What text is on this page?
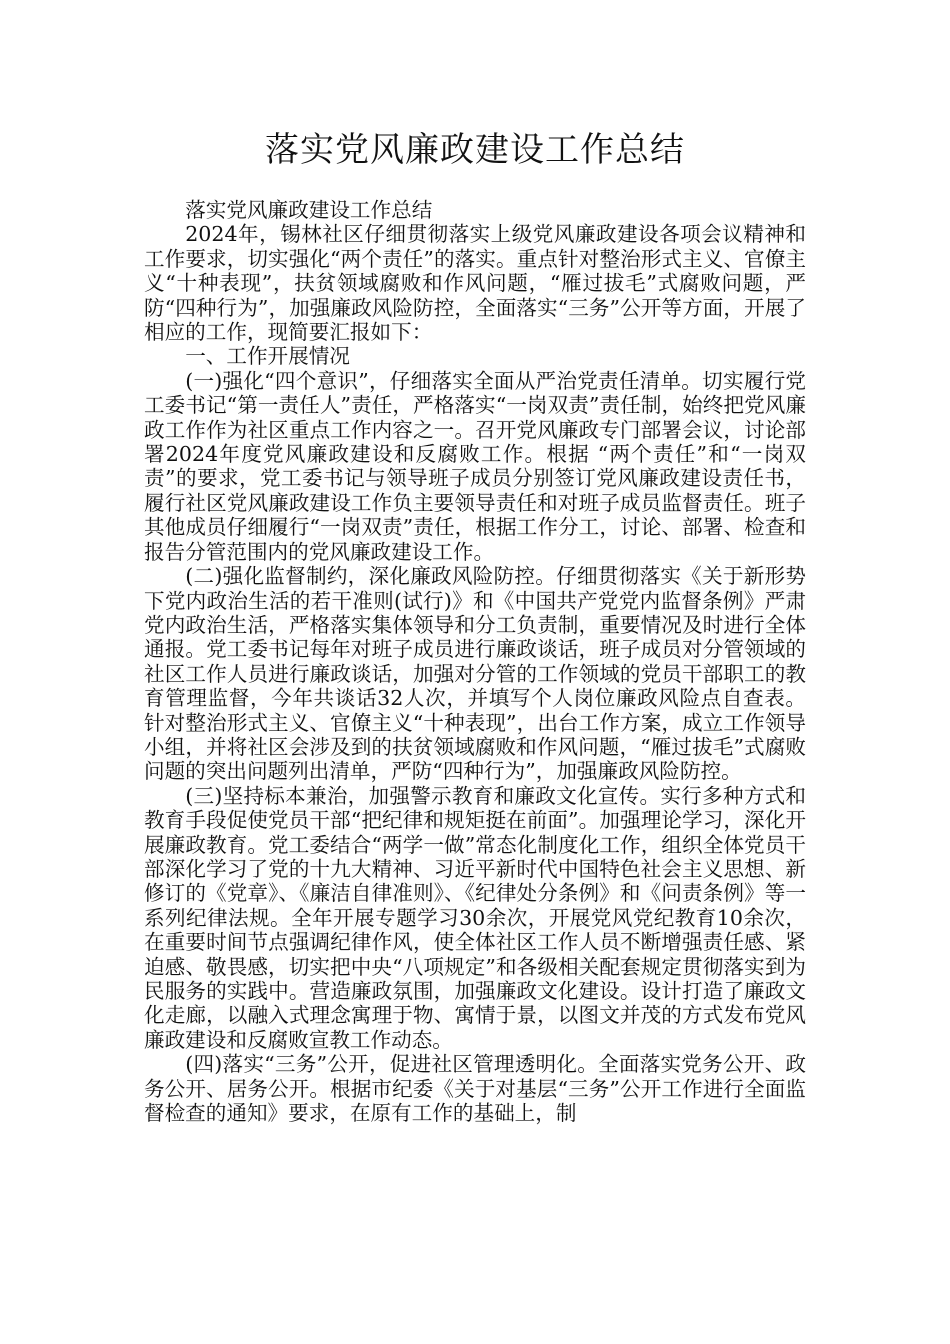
落实党风廉政建设工作总结

落实党风廉政建设工作总结

2024年，锡林社区仔细贯彻落实上级党风廉政建设各项会议精神和工作要求，切实强化“两个责任”的落实。重点针对整治形式主义、官僚主义“十种表现”，扶贫领域腐败和作风问题，“雁过拔毛”式腐败问题，严防“四种行为”，加强廉政风险防控，全面落实“三务”公开等方面，开展了相应的工作，现简要汇报如下：

一、工作开展情况

(一)强化“四个意识”，仔细落实全面从严治党责任清单。切实履行党工委书记“第一责任人”责任，严格落实“一岗双责”责任制，始终把党风廉政工作作为社区重点工作内容之一。召开党风廉政专门部署会议，讨论部署2024年度党风廉政建设和反腐败工作。根据 “两个责任”和“一岗双责”的要求，党工委书记与领导班子成员分别签订党风廉政建设责任书，履行社区党风廉政建设工作负主要领导责任和对班子成员监督责任。班子其他成员仔细履行“一岗双责”责任，根据工作分工，讨论、部署、检查和报告分管范围内的党风廉政建设工作。

(二)强化监督制约，深化廉政风险防控。仔细贯彻落实《关于新形势下党内政治生活的若干准则(试行)》和《中国共产党党内监督条例》严肃党内政治生活，严格落实集体领导和分工负责制，重要情况及时进行全体通报。党工委书记每年对班子成员进行廉政谈话，班子成员对分管领域的社区工作人员进行廉政谈话，加强对分管的工作领域的党员干部职工的教育管理监督，今年共谈话32人次，并填写个人岗位廉政风险点自查表。针对整治形式主义、官僚主义“十种表现”，出台工作方案，成立工作领导小组，并将社区会涉及到的扶贫领域腐败和作风问题，“雁过拔毛”式腐败问题的突出问题列出清单，严防“四种行为”，加强廉政风险防控。

(三)坚持标本兼治，加强警示教育和廉政文化宣传。实行多种方式和教育手段促使党员干部“把纪律和规矩挺在前面”。加强理论学习，深化开展廉政教育。党工委结合“两学一做”常态化制度化工作，组织全体党员干部深化学习了党的十九大精神、习近平新时代中国特色社会主义思想、新修订的《党章》、《廉洁自律准则》、《纪律处分条例》和《问责条例》等一系列纪律法规。全年开展专题学习30余次，开展党风党纪教育10余次，在重要时间节点强调纪律作风，使全体社区工作人员不断增强责任感、紧迫感、敬畏感，切实把中央“八项规定”和各级相关配套规定贯彻落实到为民服务的实践中。营造廉政氛围，加强廉政文化建设。设计打造了廉政文化走廊，以融入式理念寓理于物、寓情于景，以图文并茂的方式发布党风廉政建设和反腐败宣教工作动态。

(四)落实“三务”公开，促进社区管理透明化。全面落实党务公开、政务公开、居务公开。根据市纪委《关于对基层“三务”公开工作进行全面监督检查的通知》要求，在原有工作的基础上，制
